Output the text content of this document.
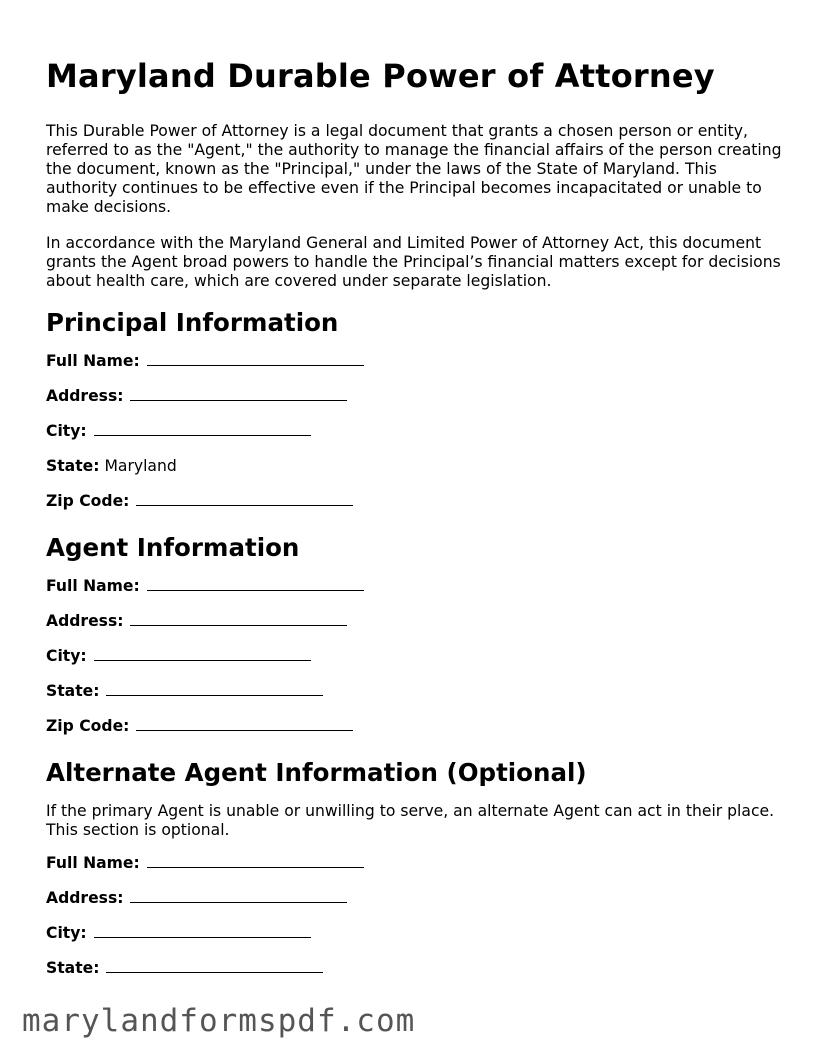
Maryland Durable Power of Attorney

This Durable Power of Attorney is a legal document that grants a chosen person or entity, referred to as the "Agent," the authority to manage the financial affairs of the person creating the document, known as the "Principal," under the laws of the State of Maryland. This authority continues to be effective even if the Principal becomes incapacitated or unable to make decisions.

In accordance with the Maryland General and Limited Power of Attorney Act, this document grants the Agent broad powers to handle the Principal’s financial matters except for decisions about health care, which are covered under separate legislation.

Principal Information
Full Name:
Address:
City:
State: Maryland
Zip Code:
Agent Information
Full Name:
Address:
City:
State:
Zip Code:
Alternate Agent Information (Optional)

If the primary Agent is unable or unwilling to serve, an alternate Agent can act in their place. This section is optional.

Full Name:
Address:
City:
State:
marylandformspdf.com
